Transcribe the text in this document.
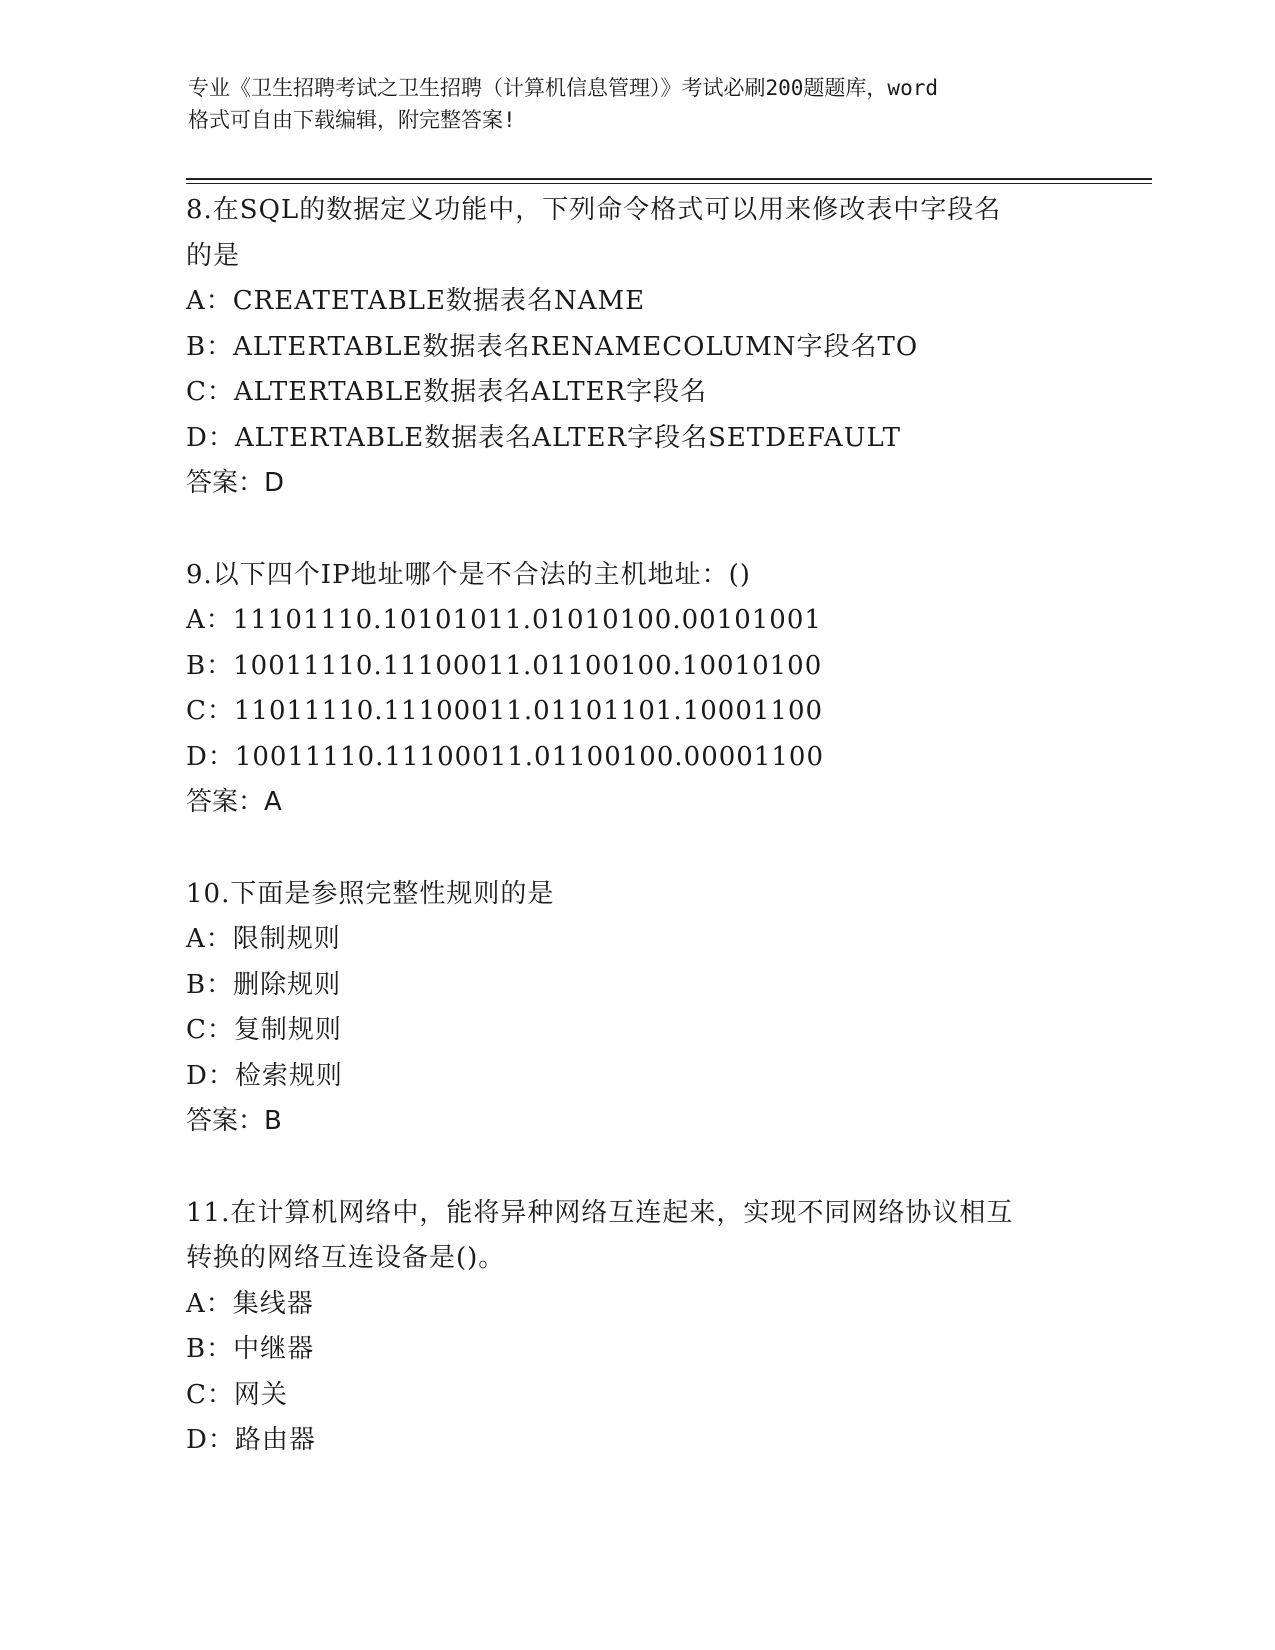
专业《卫生招聘考试之卫生招聘（计算机信息管理）》考试必刷200题题库，word
格式可自由下载编辑，附完整答案!
8.在SQL的数据定义功能中，下列命令格式可以用来修改表中字段名
的是
A：CREATETABLE数据表名NAME
B：ALTERTABLE数据表名RENAMECOLUMN字段名TO
C：ALTERTABLE数据表名ALTER字段名
D：ALTERTABLE数据表名ALTER字段名SETDEFAULT
答案：D
9.以下四个IP地址哪个是不合法的主机地址：()
A：11101110.10101011.01010100.00101001
B：10011110.11100011.01100100.10010100
C：11011110.11100011.01101101.10001100
D：10011110.11100011.01100100.00001100
答案：A
10.下面是参照完整性规则的是
A：限制规则
B：删除规则
C：复制规则
D：检索规则
答案：B
11.在计算机网络中，能将异种网络互连起来，实现不同网络协议相互
转换的网络互连设备是()。
A：集线器
B：中继器
C：网关
D：路由器
